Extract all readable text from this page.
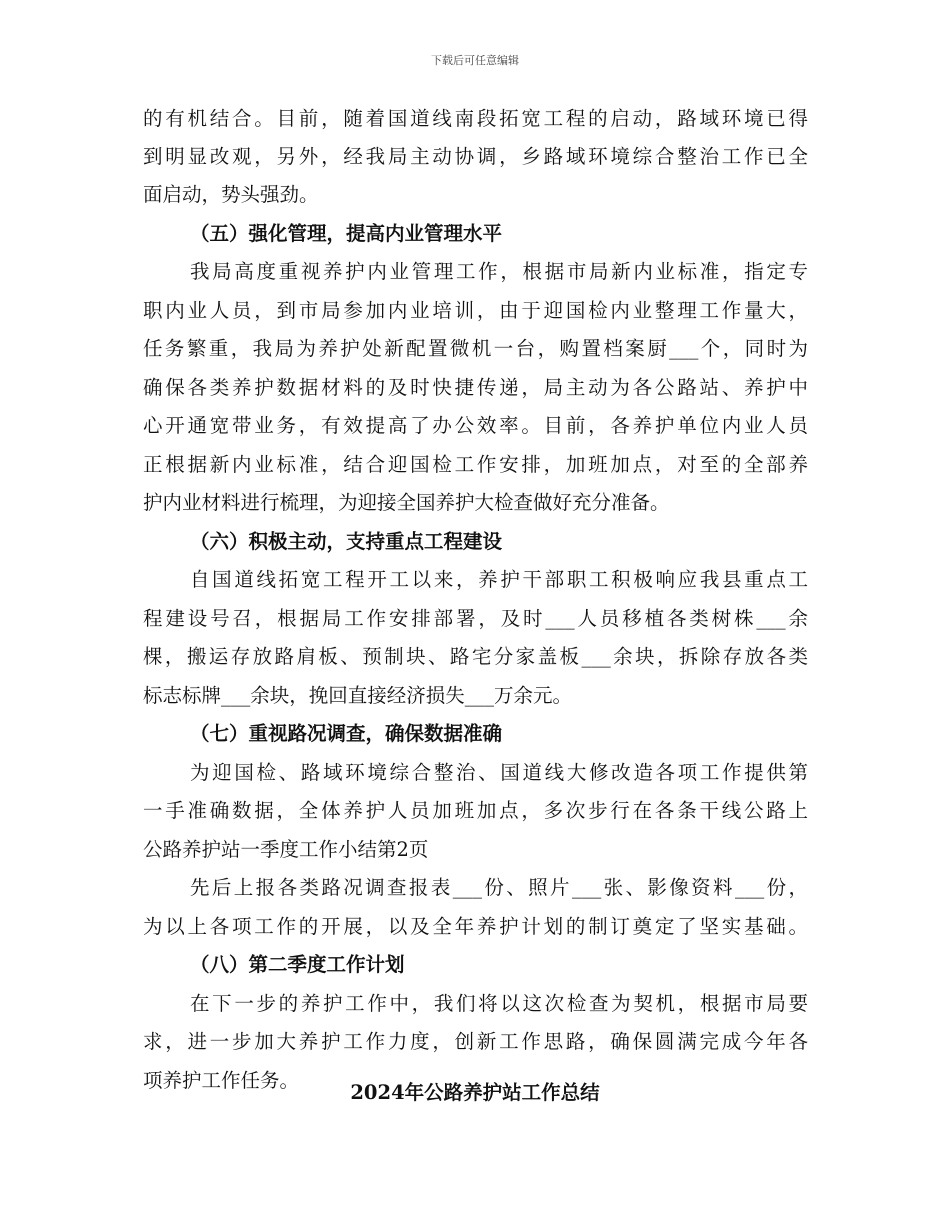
下载后可任意编辑
的有机结合。目前，随着国道线南段拓宽工程的启动，路域环境已得
到明显改观，另外，经我局主动协调，乡路域环境综合整治工作已全
面启动，势头强劲。
（五）强化管理，提高内业管理水平
我局高度重视养护内业管理工作，根据市局新内业标准，指定专
职内业人员，到市局参加内业培训，由于迎国检内业整理工作量大，
任务繁重，我局为养护处新配置微机一台，购置档案厨___个，同时为
确保各类养护数据材料的及时快捷传递，局主动为各公路站、养护中
心开通宽带业务，有效提高了办公效率。目前，各养护单位内业人员
正根据新内业标准，结合迎国检工作安排，加班加点，对至的全部养
护内业材料进行梳理，为迎接全国养护大检查做好充分准备。
（六）积极主动，支持重点工程建设
自国道线拓宽工程开工以来，养护干部职工积极响应我县重点工
程建设号召，根据局工作安排部署，及时___人员移植各类树株___余
棵，搬运存放路肩板、预制块、路宅分家盖板___余块，拆除存放各类
标志标牌___余块，挽回直接经济损失___万余元。
（七）重视路况调查，确保数据准确
为迎国检、路域环境综合整治、国道线大修改造各项工作提供第
一手准确数据，全体养护人员加班加点，多次步行在各条干线公路上
公路养护站一季度工作小结第2页
先后上报各类路况调查报表___份、照片___张、影像资料___份，
为以上各项工作的开展，以及全年养护计划的制订奠定了坚实基础。
（八）第二季度工作计划
在下一步的养护工作中，我们将以这次检查为契机，根据市局要
求，进一步加大养护工作力度，创新工作思路，确保圆满完成今年各
项养护工作任务。
2024年公路养护站工作总结
